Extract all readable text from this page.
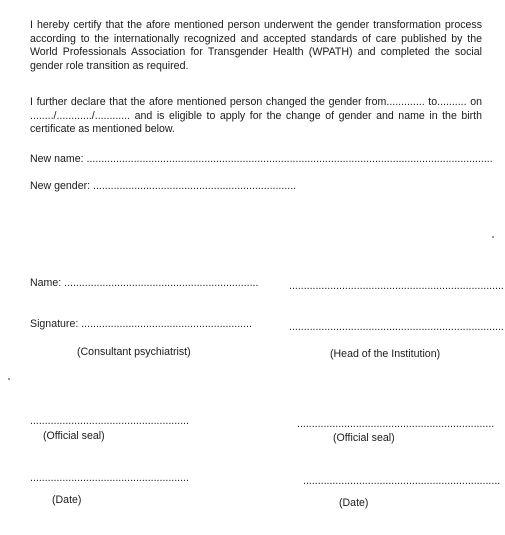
I hereby certify that the afore mentioned person underwent the gender transformation process according to the internationally recognized and accepted standards of care published by the World Professionals Association for Transgender Health (WPATH) and completed the social gender role transition as required.

I further declare that the afore mentioned person changed the gender from............. to.......... on ......../............/............ and is eligible to apply for the change of gender and name in the birth certificate as mentioned below.

New name: ..........................................................................................................................................
New gender: .....................................................................
Name: ..................................................................
Signature: ..........................................................
(Consultant psychiatrist)
......................................................
(Official seal)
......................................................
(Date)
.........................................................................
.........................................................................
(Head of the Institution)
...................................................................
(Official seal)
...................................................................
(Date)
